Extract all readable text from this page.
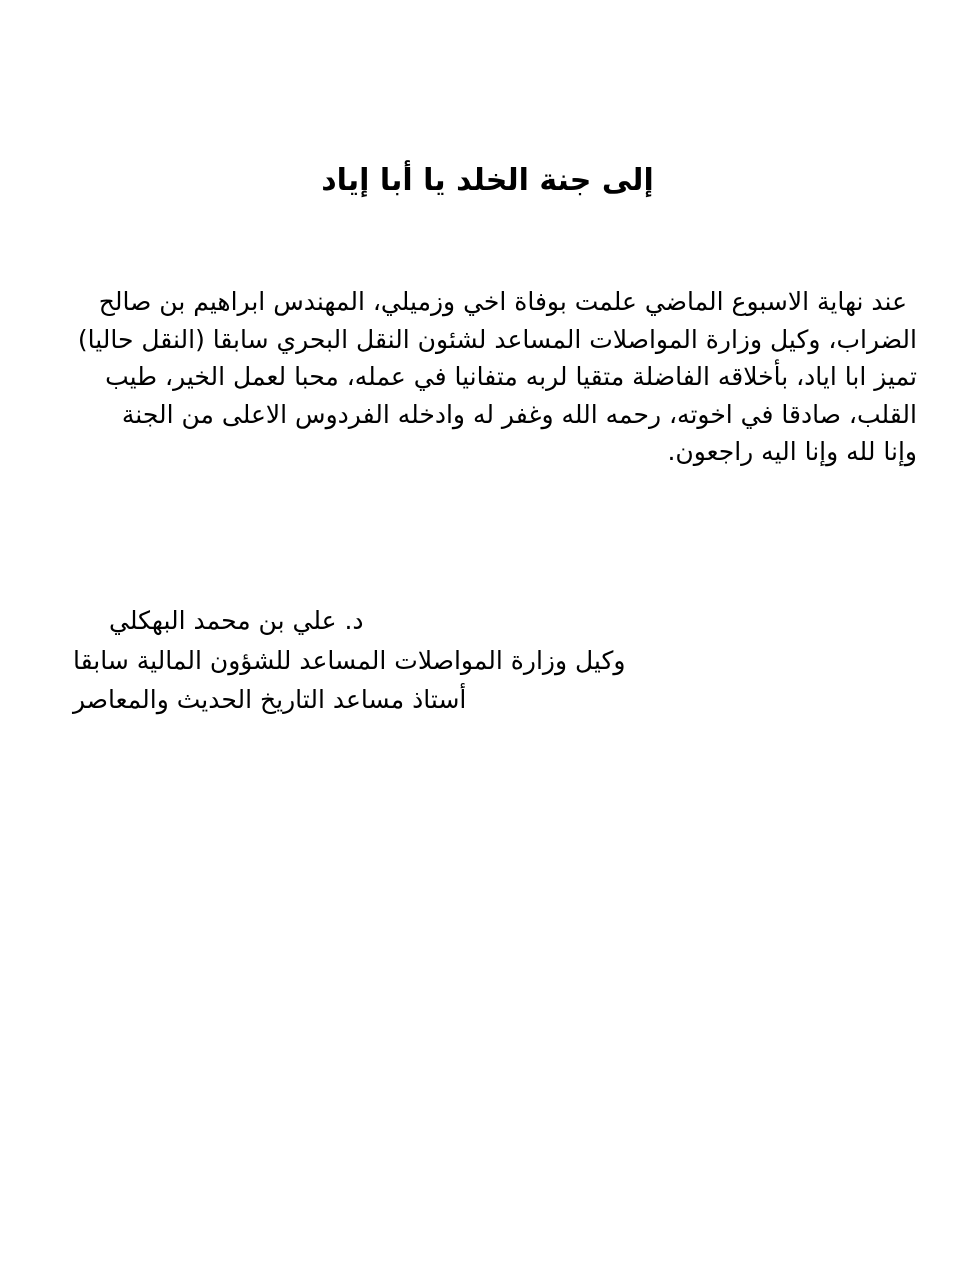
إلى جنة الخلد يا أبا إياد
عند نهاية الاسبوع الماضي علمت بوفاة اخي وزميلي، المهندس ابراهيم بن صالح
الضراب، وكيل وزارة المواصلات المساعد لشئون النقل البحري سابقا (النقل حاليا)
تميز ابا اياد، بأخلاقه الفاضلة متقيا لربه متفانيا في عمله، محبا لعمل الخير، طيب
القلب، صادقا في اخوته، رحمه الله وغفر له وادخله الفردوس الاعلى من الجنة
وإنا لله وإنا اليه راجعون.
د. علي بن محمد البهكلي
وكيل وزارة المواصلات المساعد للشؤون المالية سابقا
أستاذ مساعد التاريخ الحديث والمعاصر
